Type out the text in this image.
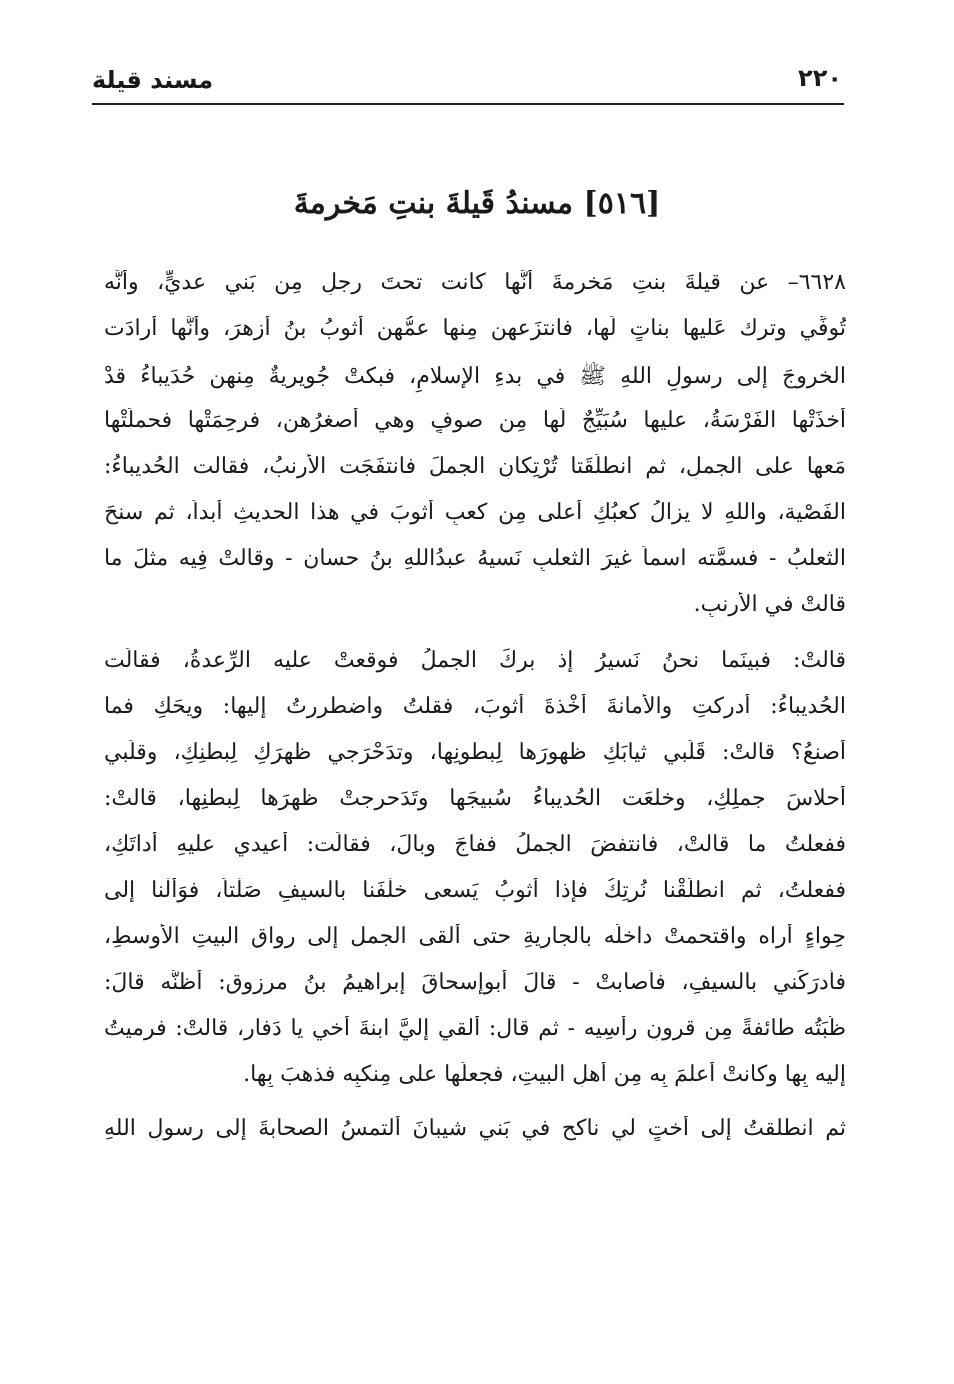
مسند قيلة	٢٢٠
[٥١٦] مسندُ قَيلةَ بنتِ مَخرمةَ
٦٦٢٨– عن قيلةَ بنتِ مَخرمةَ أنَّها كانت تحتَ رجلٍ مِن بَني عديٍّ، وأنَّه
تُوفِّي وترك عَليها بناتٍ لَها، فانتزَعهن مِنها عمُّهن أثوبُ بنُ أزهرَ، وأنَّها أرادَت
الخروجَ إلى رسولِ اللهِ ﷺ في بدءِ الإسلامِ، فبكتْ جُويريةٌ مِنهن حُدَيباءُ قدْ
أخذَتْها الفَرْسَةُ، عليها سُبَيِّجٌ لَها مِن صوفٍ وهي أصغرُهن، فرحِمَتْها فحملَتْها
مَعها على الجملِ، ثم انطلَقَتا تُرْتِكانِ الجملَ فانتفَجَت الأرنبُ، فقالت الحُديباءُ:
الفَصْية، واللهِ لا يزالُ كعبُكِ أعلى مِن كعبِ أثوبَ في هذا الحديثِ أبداً، ثم سنحَ
الثعلبُ - فسمَّته اسماً غيرَ الثعلبِ نَسيهُ عبدُاللهِ بنُ حسان - وقالتْ فِيه مثلَ ما
قالتْ في الأرنبِ.
قالتْ: فبينَما نحنُ نَسيرُ إذ بركَ الجملُ فوقعتْ عليه الرِّعدةُ، فقالَت
الحُديباءُ: أدركتِ والأمانةَ أَخْذةَ أثوبَ، فقلتُ واضطررتُ إليها: ويحَكِ فما
أَصنعُ؟ قالتْ: قَلِّبي ثيابَكِ ظهورَها لِبطونِها، وتدَحْرَجي ظهرَكِ لِبطنِكِ، وقلِّبي
أحلاسَ جملِكِ، وخلعَت الحُديباءُ سُبيجَها وتَدَحرجتْ ظهرَها لِبطنِها، قالتْ:
ففعلتُ ما قالتْ، فانتفضَ الجملُ ففاجَ وبالَ، فقالَت: أَعيدي عليهِ أداتَكِ،
ففعلتُ، ثم انطلَقْنا نُرتِكُ فإذا أثوبُ يَسعى خلْفَنا بالسيفِ صَلْتاً، فوَأَلْنا إلى
حِواءٍ أراه واقتحمتْ داخلَه بالجاريةِ حتى ألقى الجمل إلى رِواقِ البيتِ الأوسطِ،
فأدرَكَني بالسيفِ، فأَصابتْ - قالَ أبوإسحاقَ إبراهيمُ بنُ مرزوقٍ: أَظنُّه قالَ:
ظُبَتُه طائفةً مِن قرونِ رأسِيه - ثم قال: أَلقي إليَّ ابنةَ أَخي يا دَفار، قالتْ: فرميتُ
إِليه بِها وكانتْ أعلمَ بِه مِن أهلِ البيتِ، فجعلَها على مِنكبِه فذهبَ بِها.
ثم انطلقتُ إلى أختٍ لي ناكحٍ في بَني شيبانَ أَلتمسُ الصحابةَ إلى رسولِ اللهِ
